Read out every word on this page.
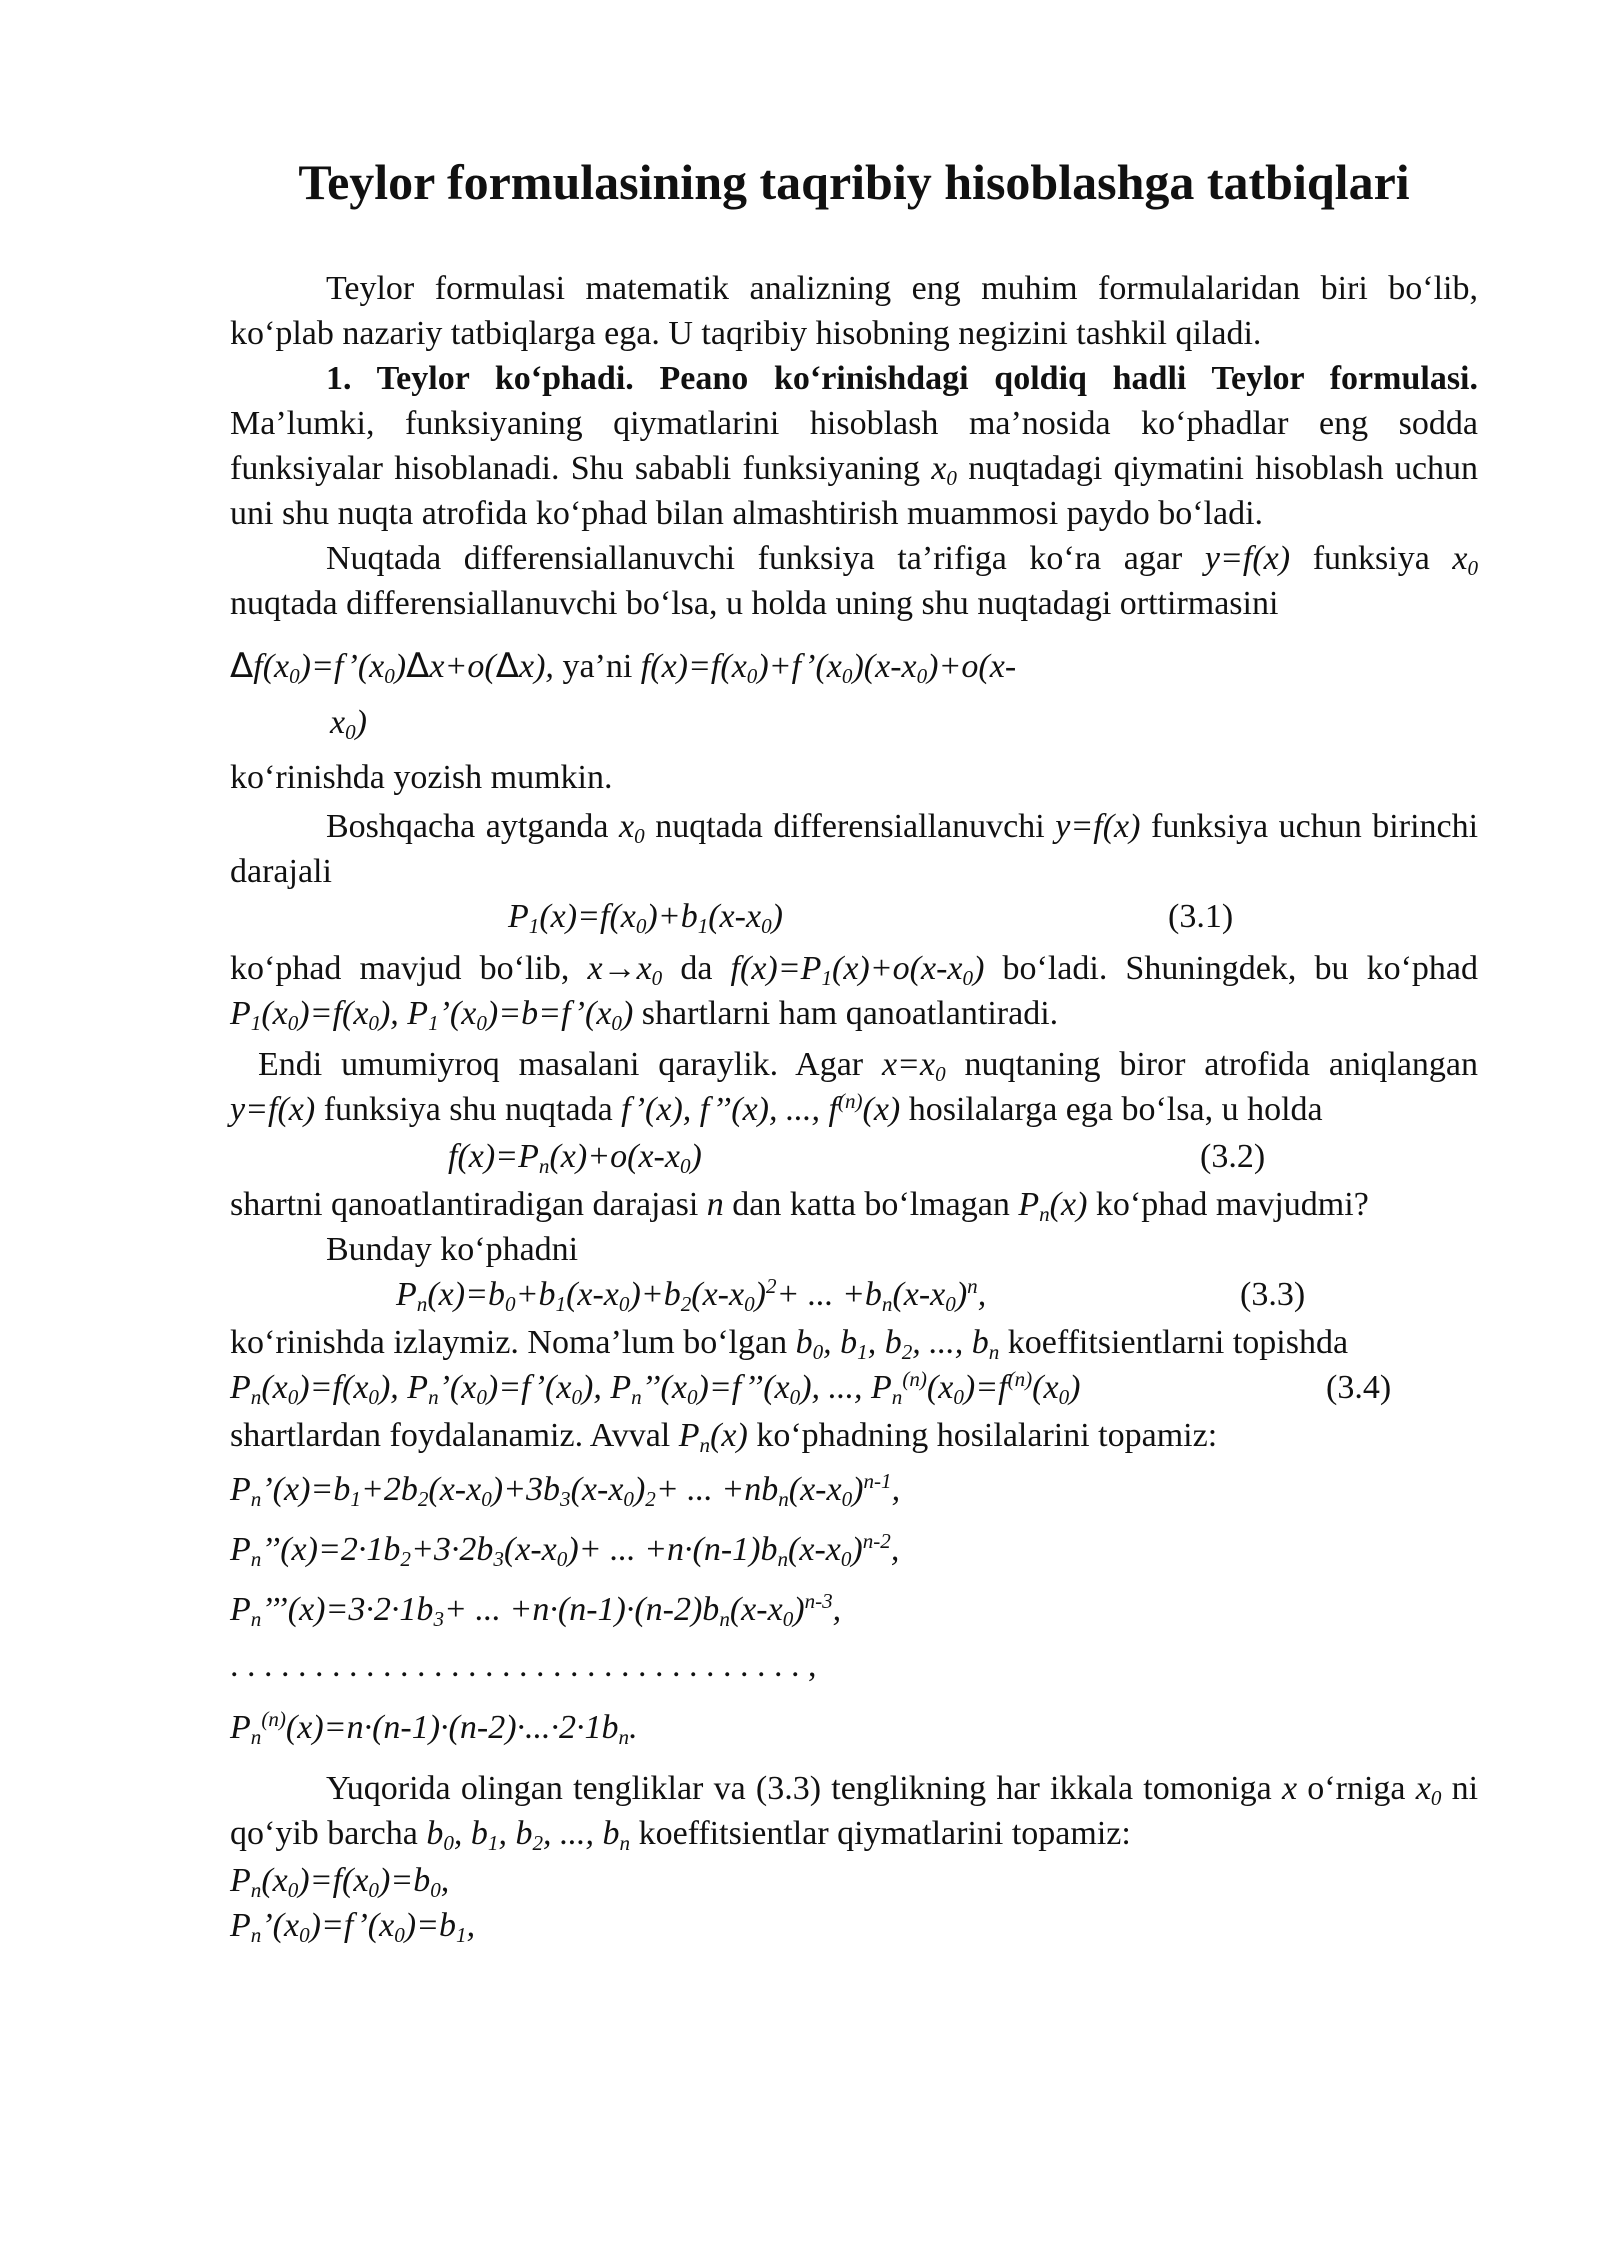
Teylor formulasining taqribiy hisoblashga tatbiqlari

Teylor formulasi matematik analizning eng muhim formulalaridan biri bo‘lib, ko‘plab nazariy tatbiqlarga ega. U taqribiy hisobning negizini tashkil qiladi.

1. Teylor ko‘phadi. Peano ko‘rinishdagi qoldiq hadli Teylor formulasi. Ma’lumki, funksiyaning qiymatlarini hisoblash ma’nosida ko‘phadlar eng sodda funksiyalar hisoblanadi. Shu sababli funksiyaning $x_0$ nuqtadagi qiymatini hisoblash uchun uni shu nuqta atrofida ko‘phad bilan almashtirish muammosi paydo bo‘ladi.

Nuqtada differensiallanuvchi funksiya ta’rifiga ko‘ra agar y=f(x) funksiya $x_0$ nuqtada differensiallanuvchi bo‘lsa, u holda uning shu nuqtadagi orttirmasini

$\Delta f(x_0)=f’(x_0)\Delta x+o(\Delta x)$, ya’ni $f(x)=f(x_0)+f’(x_0)(x-x_0)+o(x-$
$x_0$)

ko‘rinishda yozish mumkin.

Boshqacha aytganda $x_0$ nuqtada differensiallanuvchi y=f(x) funksiya uchun birinchi darajali

$P_1(x)=f(x_0)+b_1(x-x_0)$	(3.1)

ko‘phad mavjud bo‘lib, $x\to x_0$ da $f(x)=P_1(x)+o(x-x_0)$ bo‘ladi. Shuningdek, bu ko‘phad $P_1(x_0)=f(x_0)$, $P_1’(x_0)=b=f’(x_0)$ shartlarni ham qanoatlantiradi.

Endi umumiyroq masalani qaraylik. Agar $x=x_0$ nuqtaning biror atrofida aniqlangan y=f(x) funksiya shu nuqtada f’(x), f’’(x), ..., $f^{(n)}(x)$ hosilalarga ega bo‘lsa, u holda

$f(x)=P_n(x)+o(x-x_0)$	(3.2)

shartni qanoatlantiradigan darajasi n dan katta bo‘lmagan $P_n(x)$ ko‘phad mavjudmi?

Bunday ko‘phadni

$P_n(x)=b_0+b_1(x-x_0)+b_2(x-x_0)^2+$ ... $+b_n(x-x_0)^n$,	(3.3)

ko‘rinishda izlaymiz. Noma’lum bo‘lgan $b_0$, $b_1$, $b_2$, ..., $b_n$ koeffitsientlarni topishda

$P_n(x_0)=f(x_0)$, $P_n’(x_0)=f’(x_0)$, $P_n’’(x_0)=f’’(x_0)$, ..., $P_n^{(n)}(x_0)=f^{(n)}(x_0)$	(3.4)

shartlardan foydalanamiz. Avval $P_n(x)$ ko‘phadning hosilalarini topamiz:

$P_n’(x)=b_1+2b_2(x-x_0)+3b_3(x-x_0)_2+$ ... $+nb_n(x-x_0)^{n-1}$,
$P_n’’(x)=2\cdot 1b_2+3\cdot 2b_3(x-x_0)+$ ... $+n\cdot(n-1)b_n(x-x_0)^{n-2}$,
$P_n’’’(x)=3\cdot 2\cdot 1b_3+$ ... $+n\cdot(n-1)\cdot(n-2)b_n(x-x_0)^{n-3}$,
. . . . . . . . . . . . . . . . . . . . . . . . . . . . . . . . . . ,
$P_n^{(n)}(x)=n\cdot(n-1)\cdot(n-2)\cdot...\cdot 2\cdot 1b_n$.

Yuqorida olingan tengliklar va (3.3) tenglikning har ikkala tomoniga x o‘rniga $x_0$ ni qo‘yib barcha $b_0$, $b_1$, $b_2$, ..., $b_n$ koeffitsientlar qiymatlarini topamiz:

$P_n(x_0)=f(x_0)=b_0$,
$P_n’(x_0)=f’(x_0)=b_1$,
